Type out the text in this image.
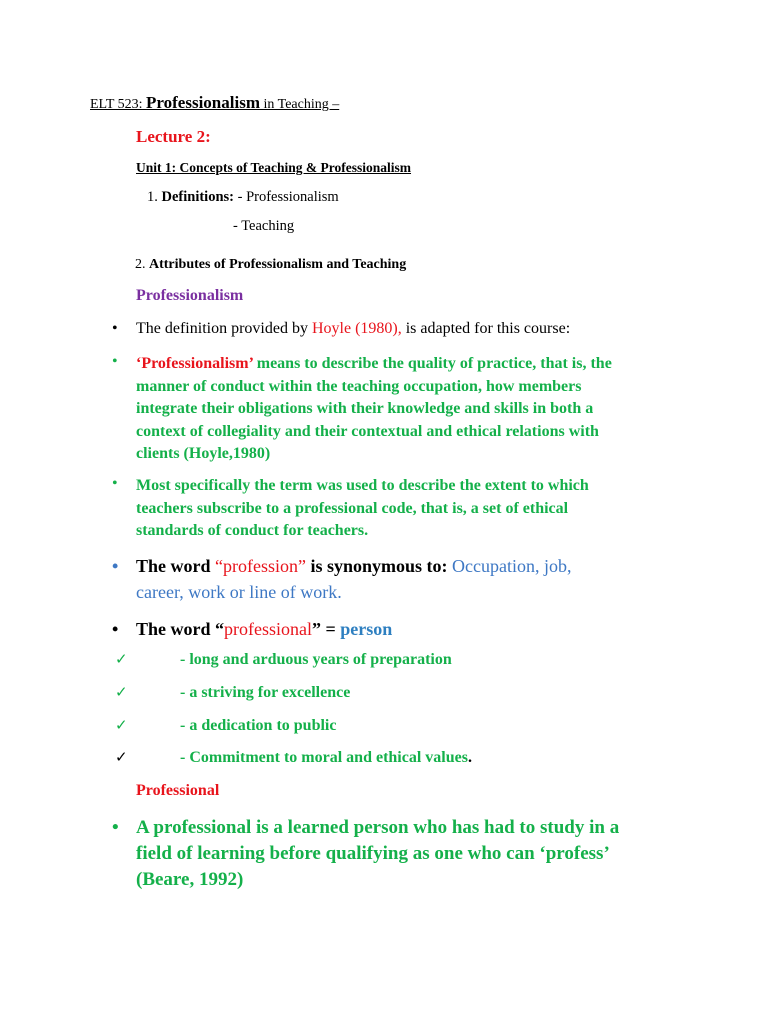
ELT 523: Professionalism in Teaching –
Lecture 2:
Unit 1: Concepts of Teaching & Professionalism
1. Definitions: - Professionalism
- Teaching
2. Attributes of Professionalism and Teaching
Professionalism
• The definition provided by Hoyle (1980), is adapted for this course:
• ‘Professionalism’ means to describe the quality of practice, that is, the
manner of conduct within the teaching occupation, how members
integrate their obligations with their knowledge and skills in both a
context of collegiality and their contextual and ethical relations with
clients (Hoyle,1980)
• Most specifically the term was used to describe the extent to which
teachers subscribe to a professional code, that is, a set of ethical
standards of conduct for teachers.
• The word “profession” is synonymous to: Occupation, job,
career, work or line of work.
• The word “professional” = person
✓	- long and arduous years of preparation
✓	- a striving for excellence
✓	- a dedication to public
✓	- Commitment to moral and ethical values.
Professional
• A professional is a learned person who has had to study in a
field of learning before qualifying as one who can ‘profess’
(Beare, 1992)
